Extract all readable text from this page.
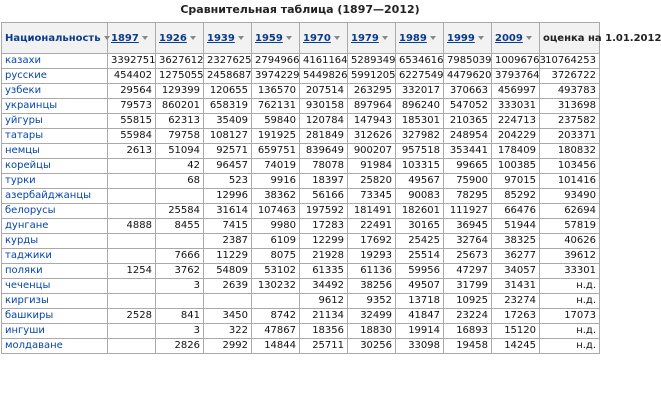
Сравнительная таблица (1897—2012)
Национальность	1897	1926	1939	1959	1970	1979	1989	1999	2009	оценка на 1.01.2012
казахи	3392751	3627612	2327625	2794966	4161164	5289349	6534616	7985039	10096763	10764253
русские	454402	1275055	2458687	3974229	5449826	5991205	6227549	4479620	3793764	3726722
узбеки	29564	129399	120655	136570	207514	263295	332017	370663	456997	493783
украинцы	79573	860201	658319	762131	930158	897964	896240	547052	333031	313698
уйгуры	55815	62313	35409	59840	120784	147943	185301	210365	224713	237582
татары	55984	79758	108127	191925	281849	312626	327982	248954	204229	203371
немцы	2613	51094	92571	659751	839649	900207	957518	353441	178409	180832
корейцы		42	96457	74019	78078	91984	103315	99665	100385	103456
турки		68	523	9916	18397	25820	49567	75900	97015	101416
азербайджанцы			12996	38362	56166	73345	90083	78295	85292	93490
белорусы		25584	31614	107463	197592	181491	182601	111927	66476	62694
дунгане	4888	8455	7415	9980	17283	22491	30165	36945	51944	57819
курды			2387	6109	12299	17692	25425	32764	38325	40626
таджики		7666	11229	8075	21928	19293	25514	25673	36277	39612
поляки	1254	3762	54809	53102	61335	61136	59956	47297	34057	33301
чеченцы		3	2639	130232	34492	38256	49507	31799	31431	н.д.
киргизы					9612	9352	13718	10925	23274	н.д.
башкиры	2528	841	3450	8742	21134	32499	41847	23224	17263	17073
ингуши		3	322	47867	18356	18830	19914	16893	15120	н.д.
молдаване		2826	2992	14844	25711	30256	33098	19458	14245	н.д.
